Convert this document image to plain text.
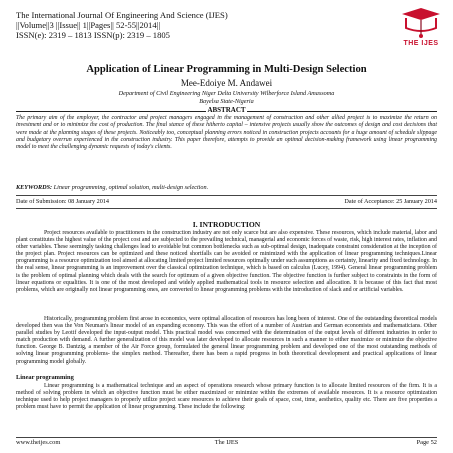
The International Journal Of Engineering And Science (IJES)
||Volume||3 ||Issue|| 1||Pages|| 52-55||2014||
ISSN(e): 2319 – 1813 ISSN(p): 2319 – 1805
THE IJES
Application of Linear Programming in Multi-Design Selection
Mee-Edoiye M. Andawei
Department of Civil Engineering Niger Delta University Wilberforce Island Amassoma
Bayelsa State-Nigeria
ABSTRACT
The primary aim of the employer, the contractor and project managers engaged in the management of construction and other allied project is to maximize the return on investment and or to minimize the cost of production. The final stance of these hitherto capital – intensive projects usually show the outcomes of design and cost decisions that were made at the planning stages of these projects. Noticeably too, conceptual planning errors noticed in construction projects accounts for a huge amount of schedule slippage and budgetary overrun experienced in the construction industry. This paper therefore, attempts to provide an optimal decision-making framework using linear programming model to meet the challenging dynamic requests of today's clients.
KEYWORDS: Linear programming, optimal solution, multi-design selection.
Date of Submission: 08 January 2014	Date of Acceptance: 25 January 2014
I. INTRODUCTION
Project resources available to practitioners in the construction industry are not only scarce but are also expensive. These resources, which include material, labor and plant constitutes the highest value of the project cost and are subjected to the prevailing technical, managerial and economic forces of waste, risk, high interest rates, inflation and other variables. These seemingly tasking challenges lead to avoidable but common bottlenecks such as sub-optimal design, inadequate constraint consideration at the inception of the project plan. Project resources can be optimized and these noticed shortfalls can be avoided or minimized with the application of linear programming techniques.Linear programming is a resource optimization tool aimed at allocating limited project limited resources optimally under such assumptions as certainty, linearity and fixed technology. In the real sense, linear programming is an improvement over the classical optimization technique, which is based on calculus (Lucey, 1994). General linear programming problem is the problem of optimal planning which deals with the search for optimum of a given objective function. The objective function is further subject to constraints in the form of linear equations or equalities. It is one of the most developed and widely applied mathematical tools in resource selection and allocation. It is because of this fact that most problems, which are originally not linear programming ones, are converted to linear programming problems with the introduction of slack and or artificial variables.
Historically, programming problem first arose in economics, were optimal allocation of resources has long been of interest. One of the outstanding theoretical models developed then was the Von Neuman's linear model of an expanding economy. This was the effort of a number of Austrian and German economists and mathematicians. Other parallel studies by Leotif developed the input-output model. This practical model was concerned with the determination of the output levels of different industries in order to match production with demand. A further generalization of this model was later developed to allocate resources in such a manner to either maximize or minimize the objective function. George B. Dantzig, a member of the Air Force group, formulated the general linear programming problem and developed one of the most outstanding methods of solving linear programming problems- the simplex method. Thereafter, there has been a rapid progress in both theoretical development and practical applications of linear programming model globally.
Linear programming
Linear programming is a mathematical technique and an aspect of operations research whose primary function is to allocate limited resources of the firm. It is a method of solving problem in which an objective function must be either maximized or minimize within the extremes of available resources. It is a resource optimization technique used to help project managers to properly utilize project scare resources to achieve their goals of space, cost, time, aesthetics, quality etc. There are five properties a problem must have to permit the application of linear programming. These include the following:
www.theijes.com	The IJES	Page 52
